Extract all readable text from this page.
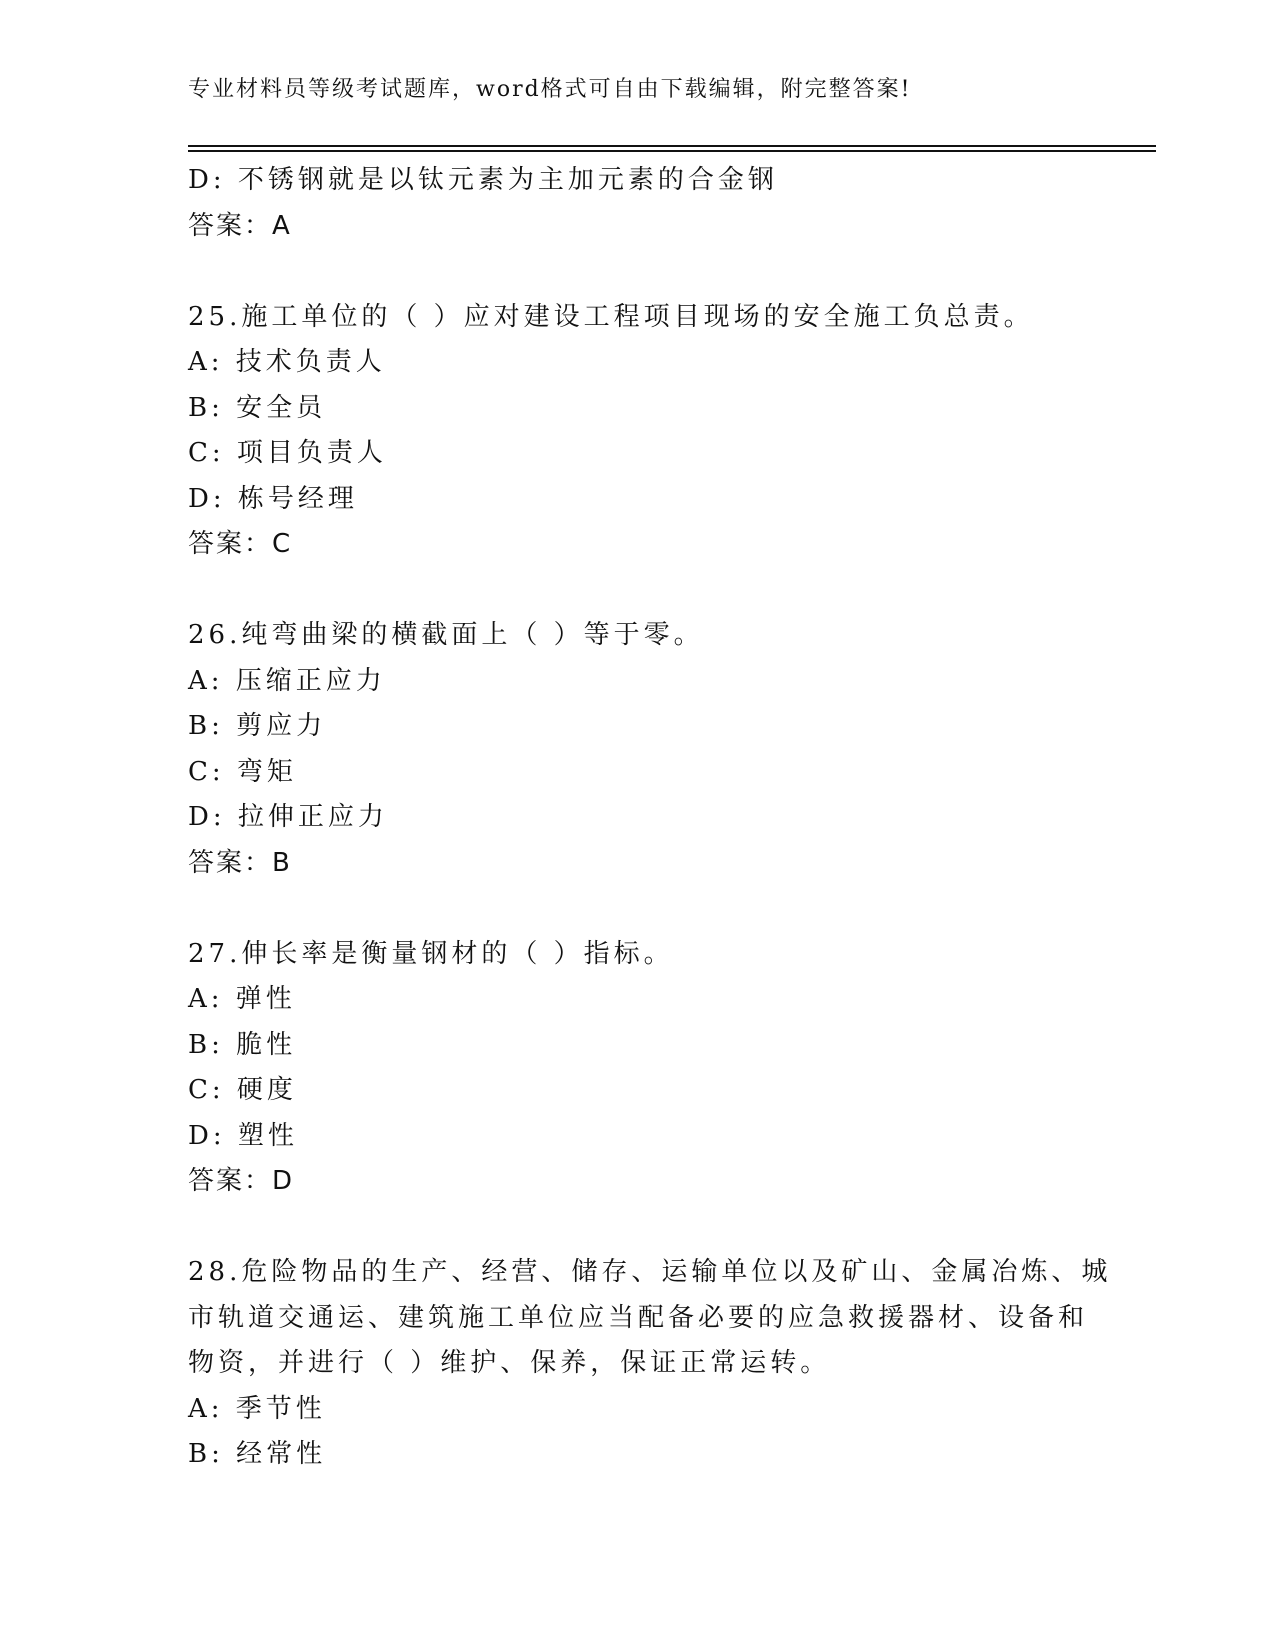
专业材料员等级考试题库，word格式可自由下载编辑，附完整答案!
D: 不锈钢就是以钛元素为主加元素的合金钢
答案：A
25.施工单位的（ ）应对建设工程项目现场的安全施工负总责。
A: 技术负责人
B: 安全员
C: 项目负责人
D: 栋号经理
答案：C
26.纯弯曲梁的横截面上（ ）等于零。
A: 压缩正应力
B: 剪应力
C: 弯矩
D: 拉伸正应力
答案：B
27.伸长率是衡量钢材的（ ）指标。
A: 弹性
B: 脆性
C: 硬度
D: 塑性
答案：D
28.危险物品的生产、经营、储存、运输单位以及矿山、金属冶炼、城
市轨道交通运、建筑施工单位应当配备必要的应急救援器材、设备和
物资，并进行（ ）维护、保养，保证正常运转。
A: 季节性
B: 经常性
